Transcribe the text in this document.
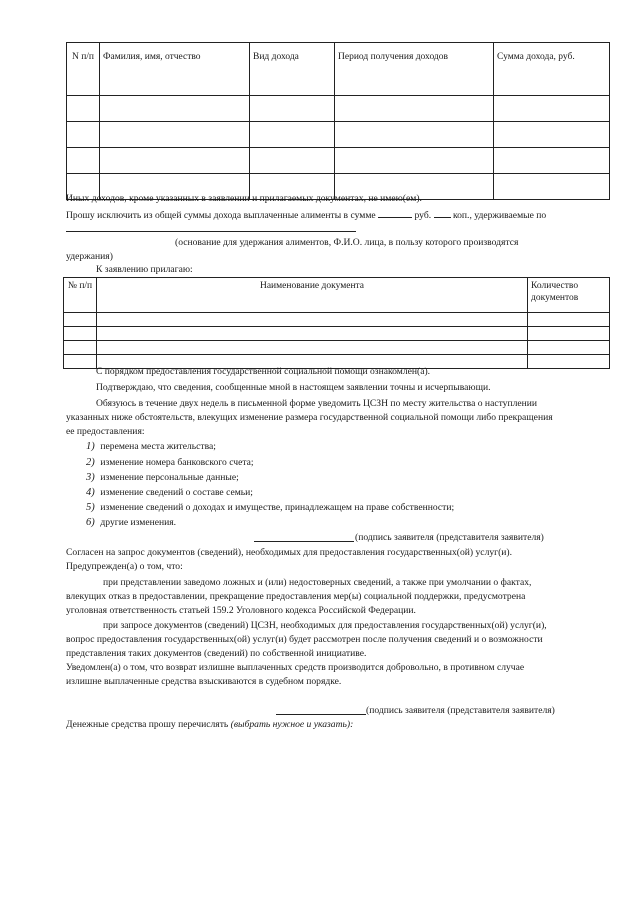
N п/п	Фамилия, имя, отчество	Вид дохода	Период получения доходов	Сумма дохода, руб.

Иных доходов, кроме указанных в заявлении и прилагаемых документах, не имею(ем).
Прошу исключить из общей суммы дохода выплаченные алименты в сумме	руб. коп., удерживаемые по
(основание для удержания алиментов, Ф.И.О. лица, в пользу которого производятся
удержания)
К заявлению прилагаю:
№ п/п	Наименование документа	Количество документов

С порядком предоставления государственной социальной помощи ознакомлен(а).
Подтверждаю, что сведения, сообщенные мной в настоящем заявлении точны и исчерпывающи.
Обязуюсь в течение двух недель в письменной форме уведомить ЦСЗН по месту жительства о наступлении
указанных ниже обстоятельств, влекущих изменение размера государственной социальной помощи либо прекращения
ее предоставления:
1) перемена места жительства;
2) изменение номера банковского счета;
3) изменение персональные данные;
4) изменение сведений о составе семьи;
5) изменение сведений о доходах и имуществе, принадлежащем на праве собственности;
6) другие изменения.
(подпись заявителя (представителя заявителя)
Согласен на запрос документов (сведений), необходимых для предоставления государственных(ой) услуг(и).
Предупрежден(а) о том, что:
при представлении заведомо ложных и (или) недостоверных сведений, а также при умолчании о фактах,
влекущих отказ в предоставлении, прекращение предоставления мер(ы) социальной поддержки, предусмотрена
уголовная ответственность статьей 159.2 Уголовного кодекса Российской Федерации.
при запросе документов (сведений) ЦСЗН, необходимых для предоставления государственных(ой) услуг(и),
вопрос предоставления государственных(ой) услуг(и) будет рассмотрен после получения сведений и о возможности
представления таких документов (сведений) по собственной инициативе.
Уведомлен(а) о том, что возврат излишне выплаченных средств производится добровольно, в противном случае
излишне выплаченные средства взыскиваются в судебном порядке.
(подпись заявителя (представителя заявителя)
Денежные средства прошу перечислять (выбрать нужное и указать):
